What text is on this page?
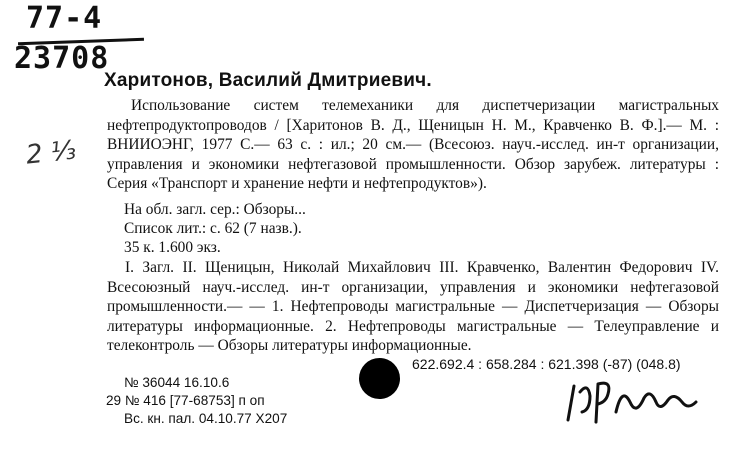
77-4
23708
2 ⅓
Харитонов, Василий Дмитриевич.
Использование систем телемеханики для диспетчеризации магистральных нефтепродуктопроводов / [Харитонов В. Д., Щеницын Н. М., Кравченко В. Ф.].— М. : ВНИИОЭНГ, 1977 С.— 63 с. : ил.; 20 см.— (Всесоюз. науч.-исслед. ин-т организации, управления и экономики нефтегазовой промышленности. Обзор зарубеж. литературы : Серия «Транспорт и хранение нефти и нефтепродуктов»).
На обл. загл. сер.: Обзоры...
Список лит.: с. 62 (7 назв.).
35 к. 1.600 экз.
I. Загл. II. Щеницын, Николай Михайлович III. Кравченко, Валентин Федорович IV. Всесоюзный науч.-исслед. ин-т организации, управления и экономики нефтегазовой промышленности.— — 1. Нефтепроводы магистральные — Диспетчеризация — Обзоры литературы информационные. 2. Нефтепроводы магистральные — Телеуправление и телеконтроль — Обзоры литературы информационные.
622.692.4 : 658.284 : 621.398 (-87) (048.8)
№ 36044 16.10.6
29 № 416 [77-68753] п оп
Вс. кн. пал. 04.10.77 Х207
